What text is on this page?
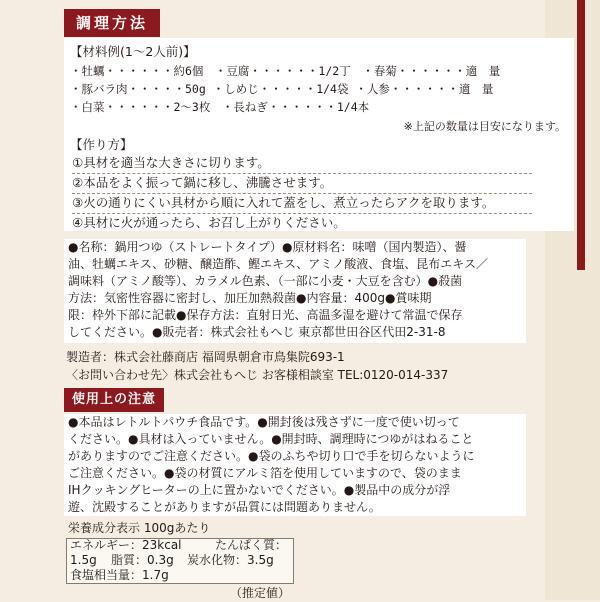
調理方法
【材料例(1～2人前)】
・牡蠣・・・・・・約6個　・豆腐・・・・・・1/2丁　・春菊・・・・・・適　量
・豚バラ肉・・・・・50g ・しめじ・・・・・1/4袋 ・人参・・・・・・適　量
・白菜・・・・・・2～3枚　・長ねぎ・・・・・・1/4本
※上記の数量は目安になります。
【作り方】
①具材を適当な大きさに切ります。
②本品をよく振って鍋に移し、沸騰させます。
③火の通りにくい具材から順に入れて蓋をし、煮立ったらアクを取ります。
④具材に火が通ったら、お召し上がりください。
●名称：鍋用つゆ（ストレートタイプ）●原材料名：味噌（国内製造）、醤
油、牡蠣エキス、砂糖、醸造酢、鰹エキス、アミノ酸液、食塩、昆布エキス／
調味料（アミノ酸等）、カラメル色素、（一部に小麦・大豆を含む）●殺菌
方法：気密性容器に密封し、加圧加熱殺菌●内容量：400g●賞味期
限：枠外下部に記載●保存方法：直射日光、高温多湿を避けて常温で保存
してください。●販売者：株式会社もへじ 東京都世田谷区代田2-31-8
製造者：株式会社藤商店 福岡県朝倉市鳥集院693-1
〈お問い合わせ先〉株式会社もへじ お客様相談室 TEL:0120-014-337
使用上の注意
●本品はレトルトパウチ食品です。●開封後は残さずに一度で使い切って
ください。●具材は入っていません。●開封時、調理時につゆがはねること
がありますのでご注意ください。●袋のふちや切り口で手を切らないように
ご注意ください。●袋の材質にアルミ箔を使用していますので、袋のまま
IHクッキングヒーターの上に置かないでください。●製品中の成分が浮
遊、沈殿することがありますが品質には問題ありません。
栄養成分表示 100gあたり
エネルギー：23kcal	たんぱく質：
1.5g 脂質：0.3g 炭水化物：3.5g
食塩相当量：1.7g
（推定値）
